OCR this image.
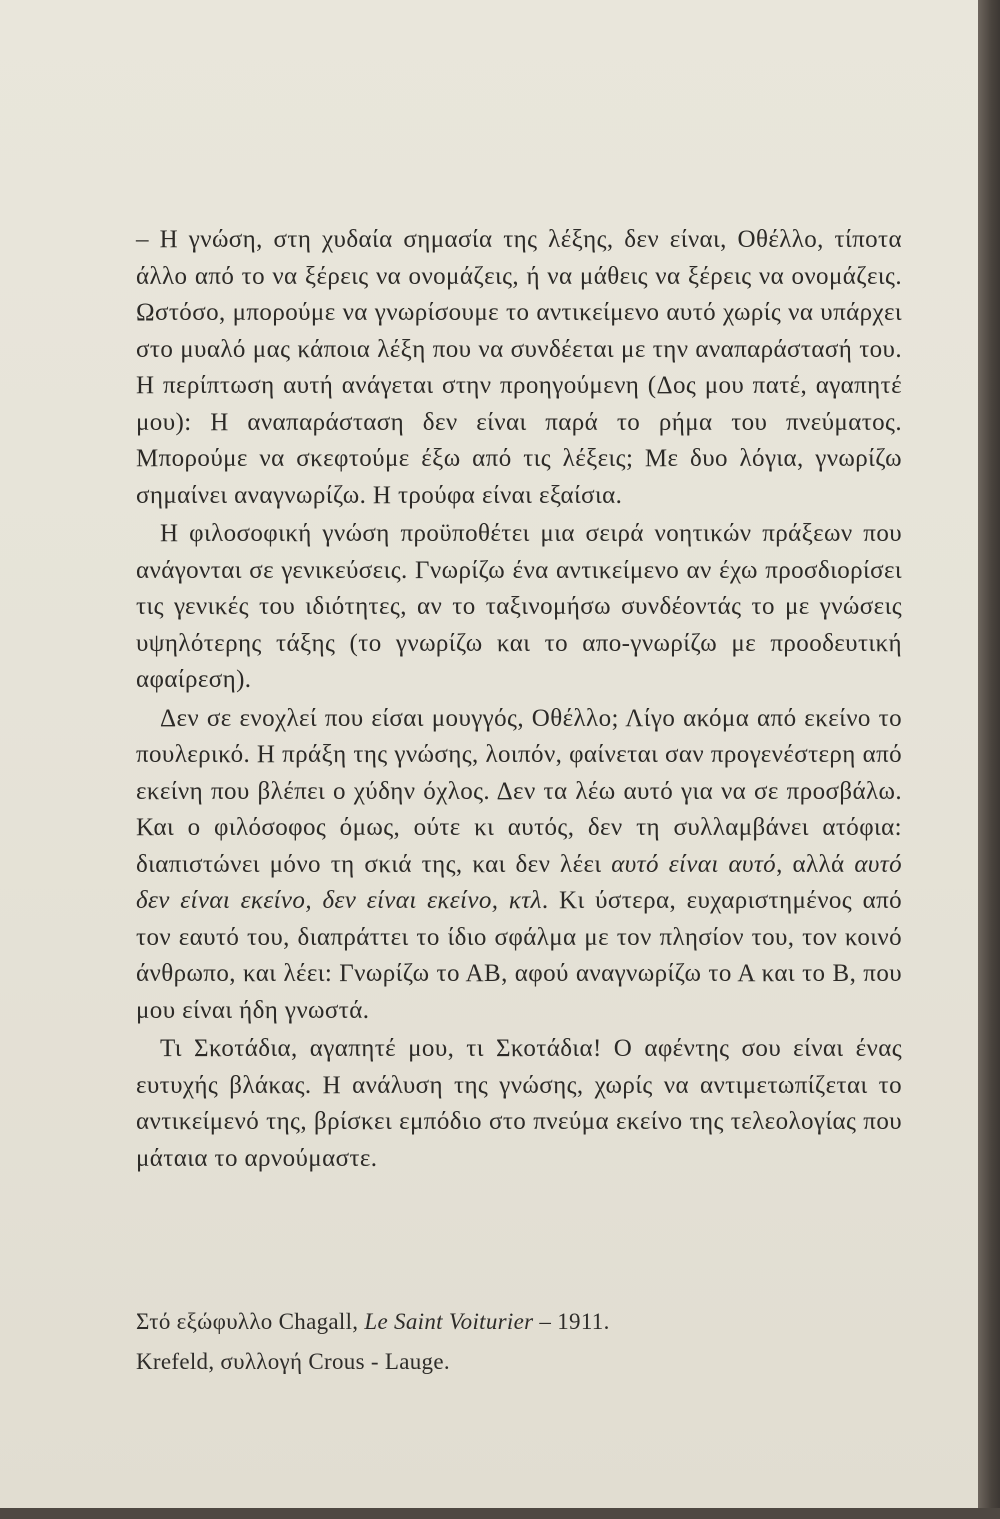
– Η γνώση, στη χυδαία σημασία της λέξης, δεν είναι, Οθέλλο, τίποτα άλλο από το να ξέρεις να ονομάζεις, ή να μάθεις να ξέρεις να ονομάζεις. Ωστόσο, μπορούμε να γνωρίσουμε το αντικείμενο αυτό χωρίς να υπάρχει στο μυαλό μας κάποια λέξη που να συνδέεται με την αναπαράστασή του. Η περίπτωση αυτή ανάγεται στην προηγούμενη (Δος μου πατέ, αγαπητέ μου): Η αναπαράσταση δεν είναι παρά το ρήμα του πνεύματος. Μπορούμε να σκεφτούμε έξω από τις λέξεις; Με δυο λόγια, γνωρίζω σημαίνει αναγνωρίζω. Η τρούφα είναι εξαίσια.

Η φιλοσοφική γνώση προϋποθέτει μια σειρά νοητικών πράξεων που ανάγονται σε γενικεύσεις. Γνωρίζω ένα αντικείμενο αν έχω προσδιορίσει τις γενικές του ιδιότητες, αν το ταξινομήσω συνδέοντάς το με γνώσεις υψηλότερης τάξης (το γνωρίζω και το απο-γνωρίζω με προοδευτική αφαίρεση).

Δεν σε ενοχλεί που είσαι μουγγός, Οθέλλο; Λίγο ακόμα από εκείνο το πουλερικό. Η πράξη της γνώσης, λοιπόν, φαίνεται σαν προγενέστερη από εκείνη που βλέπει ο χύδην όχλος. Δεν τα λέω αυτό για να σε προσβάλω. Και ο φιλόσοφος όμως, ούτε κι αυτός, δεν τη συλλαμβάνει ατόφια: διαπιστώνει μόνο τη σκιά της, και δεν λέει αυτό είναι αυτό, αλλά αυτό δεν είναι εκείνο, δεν είναι εκείνο, κτλ. Κι ύστερα, ευχαριστημένος από τον εαυτό του, διαπράττει το ίδιο σφάλμα με τον πλησίον του, τον κοινό άνθρωπο, και λέει: Γνωρίζω το ΑΒ, αφού αναγνωρίζω το Α και το Β, που μου είναι ήδη γνωστά.

Τι Σκοτάδια, αγαπητέ μου, τι Σκοτάδια! Ο αφέντης σου είναι ένας ευτυχής βλάκας. Η ανάλυση της γνώσης, χωρίς να αντιμετωπίζεται το αντικείμενό της, βρίσκει εμπόδιο στο πνεύμα εκείνο της τελεολογίας που μάταια το αρνούμαστε.

Στό εξώφυλλο Chagall, Le Saint Voiturier – 1911.

Krefeld, συλλογή Crous - Lauge.
